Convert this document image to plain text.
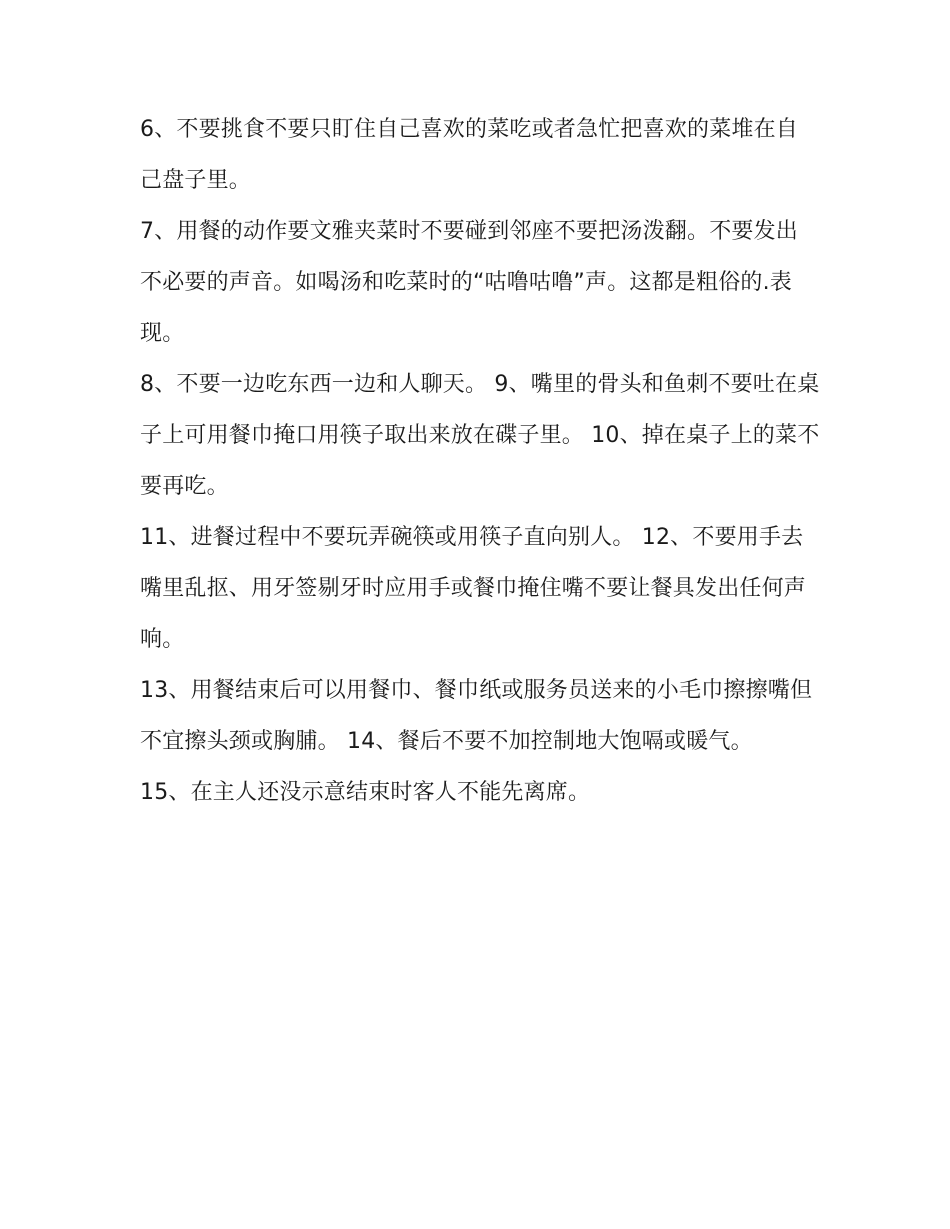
6、不要挑食不要只盯住自己喜欢的菜吃或者急忙把喜欢的菜堆在自己盘子里。

7、用餐的动作要文雅夹菜时不要碰到邻座不要把汤泼翻。不要发出不必要的声音。如喝汤和吃菜时的“咕噜咕噜”声。这都是粗俗的.表现。

8、不要一边吃东西一边和人聊天。 9、嘴里的骨头和鱼刺不要吐在桌子上可用餐巾掩口用筷子取出来放在碟子里。 10、掉在桌子上的菜不要再吃。

11、进餐过程中不要玩弄碗筷或用筷子直向别人。 12、不要用手去嘴里乱抠、用牙签剔牙时应用手或餐巾掩住嘴不要让餐具发出任何声响。

13、用餐结束后可以用餐巾、餐巾纸或服务员送来的小毛巾擦擦嘴但不宜擦头颈或胸脯。 14、餐后不要不加控制地大饱嗝或暖气。

15、在主人还没示意结束时客人不能先离席。
